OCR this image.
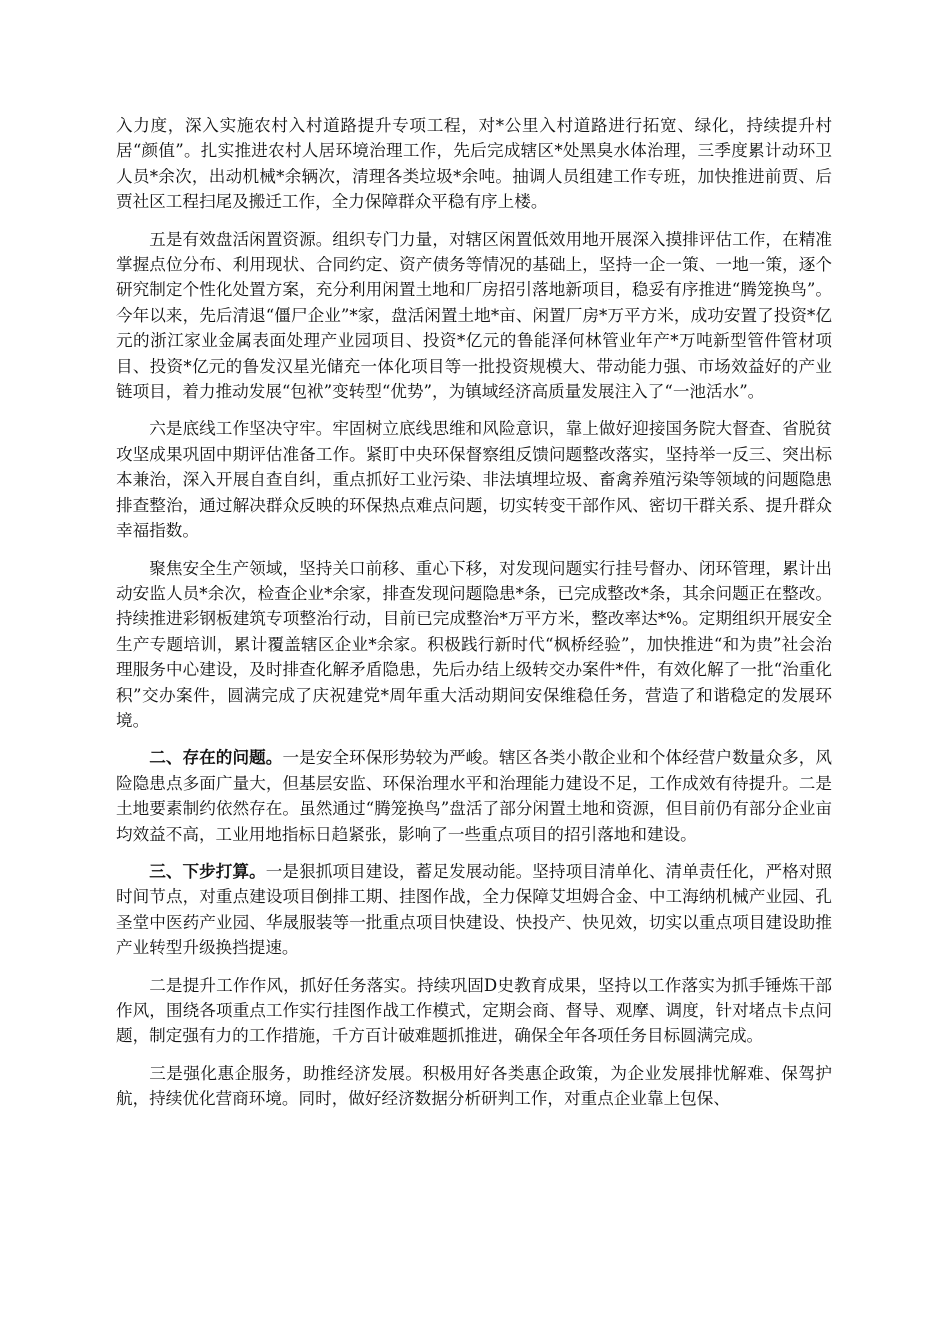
入力度，深入实施农村入村道路提升专项工程，对*公里入村道路进行拓宽、绿化，持续提升村居“颜值”。扎实推进农村人居环境治理工作，先后完成辖区*处黑臭水体治理，三季度累计动环卫人员*余次，出动机械*余辆次，清理各类垃圾*余吨。抽调人员组建工作专班，加快推进前贾、后贾社区工程扫尾及搬迁工作，全力保障群众平稳有序上楼。

五是有效盘活闲置资源。组织专门力量，对辖区闲置低效用地开展深入摸排评估工作，在精准掌握点位分布、利用现状、合同约定、资产债务等情况的基础上，坚持一企一策、一地一策，逐个研究制定个性化处置方案，充分利用闲置土地和厂房招引落地新项目，稳妥有序推进“腾笼换鸟”。今年以来，先后清退“僵尸企业”*家，盘活闲置土地*亩、闲置厂房*万平方米，成功安置了投资*亿元的浙江家业金属表面处理产业园项目、投资*亿元的鲁能泽何林管业年产*万吨新型管件管材项目、投资*亿元的鲁发汉星光储充一体化项目等一批投资规模大、带动能力强、市场效益好的产业链项目，着力推动发展“包袱”变转型“优势”，为镇域经济高质量发展注入了“一池活水”。

六是底线工作坚决守牢。牢固树立底线思维和风险意识，靠上做好迎接国务院大督查、省脱贫攻坚成果巩固中期评估准备工作。紧盯中央环保督察组反馈问题整改落实，坚持举一反三、突出标本兼治，深入开展自查自纠，重点抓好工业污染、非法填埋垃圾、畜禽养殖污染等领域的问题隐患排查整治，通过解决群众反映的环保热点难点问题，切实转变干部作风、密切干群关系、提升群众幸福指数。

聚焦安全生产领域，坚持关口前移、重心下移，对发现问题实行挂号督办、闭环管理，累计出动安监人员*余次，检查企业*余家，排查发现问题隐患*条，已完成整改*条，其余问题正在整改。持续推进彩钢板建筑专项整治行动，目前已完成整治*万平方米，整改率达*%。定期组织开展安全生产专题培训，累计覆盖辖区企业*余家。积极践行新时代“枫桥经验”，加快推进“和为贵”社会治理服务中心建设，及时排查化解矛盾隐患，先后办结上级转交办案件*件，有效化解了一批“治重化积”交办案件，圆满完成了庆祝建党*周年重大活动期间安保维稳任务，营造了和谐稳定的发展环境。

二、存在的问题。一是安全环保形势较为严峻。辖区各类小散企业和个体经营户数量众多，风险隐患点多面广量大，但基层安监、环保治理水平和治理能力建设不足，工作成效有待提升。二是土地要素制约依然存在。虽然通过“腾笼换鸟”盘活了部分闲置土地和资源，但目前仍有部分企业亩均效益不高，工业用地指标日趋紧张，影响了一些重点项目的招引落地和建设。

三、下步打算。一是狠抓项目建设，蓄足发展动能。坚持项目清单化、清单责任化，严格对照时间节点，对重点建设项目倒排工期、挂图作战，全力保障艾坦姆合金、中工海纳机械产业园、孔圣堂中医药产业园、华晟服装等一批重点项目快建设、快投产、快见效，切实以重点项目建设助推产业转型升级换挡提速。

二是提升工作作风，抓好任务落实。持续巩固D史教育成果，坚持以工作落实为抓手锤炼干部作风，围绕各项重点工作实行挂图作战工作模式，定期会商、督导、观摩、调度，针对堵点卡点问题，制定强有力的工作措施，千方百计破难题抓推进，确保全年各项任务目标圆满完成。

三是强化惠企服务，助推经济发展。积极用好各类惠企政策，为企业发展排忧解难、保驾护航，持续优化营商环境。同时，做好经济数据分析研判工作，对重点企业靠上包保、
